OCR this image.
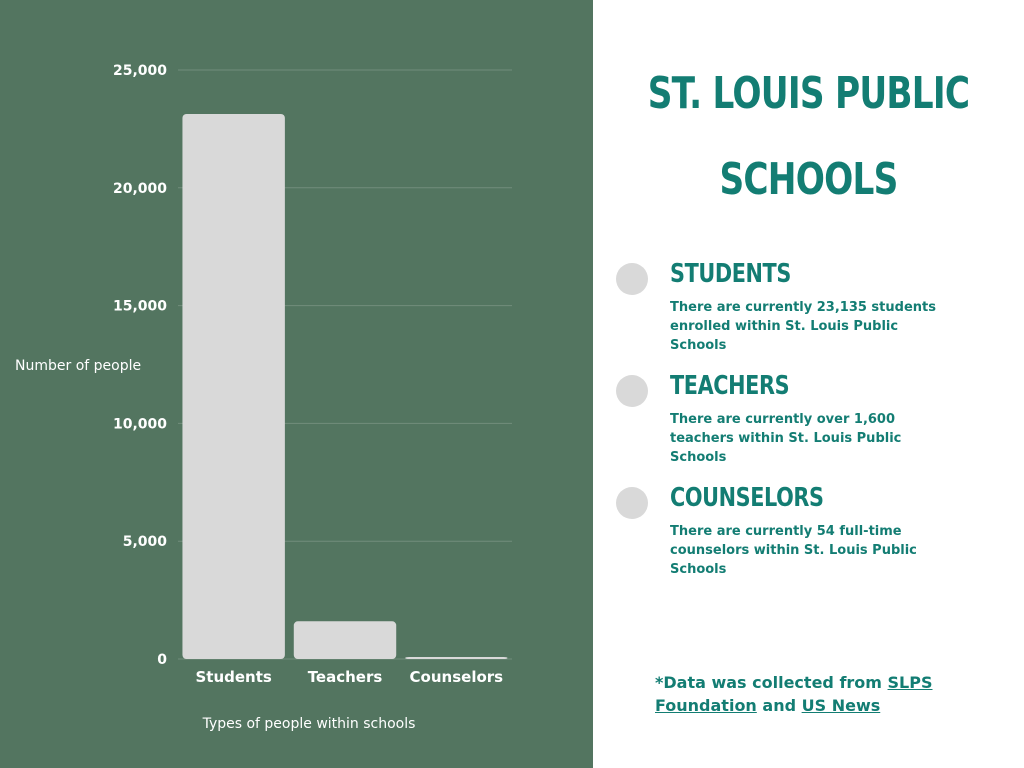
0
5,000
10,000
15,000
20,000
25,000
Students Teachers Counselors
Number of people
Types of people within schools
ST. LOUIS PUBLIC
SCHOOLS
STUDENTS
There are currently 23,135 students enrolled within St. Louis Public Schools
TEACHERS
There are currently over 1,600 teachers within St. Louis Public Schools
COUNSELORS
There are currently 54 full-time counselors within St. Louis Public Schools
*Data was collected from SLPS Foundation and US News
